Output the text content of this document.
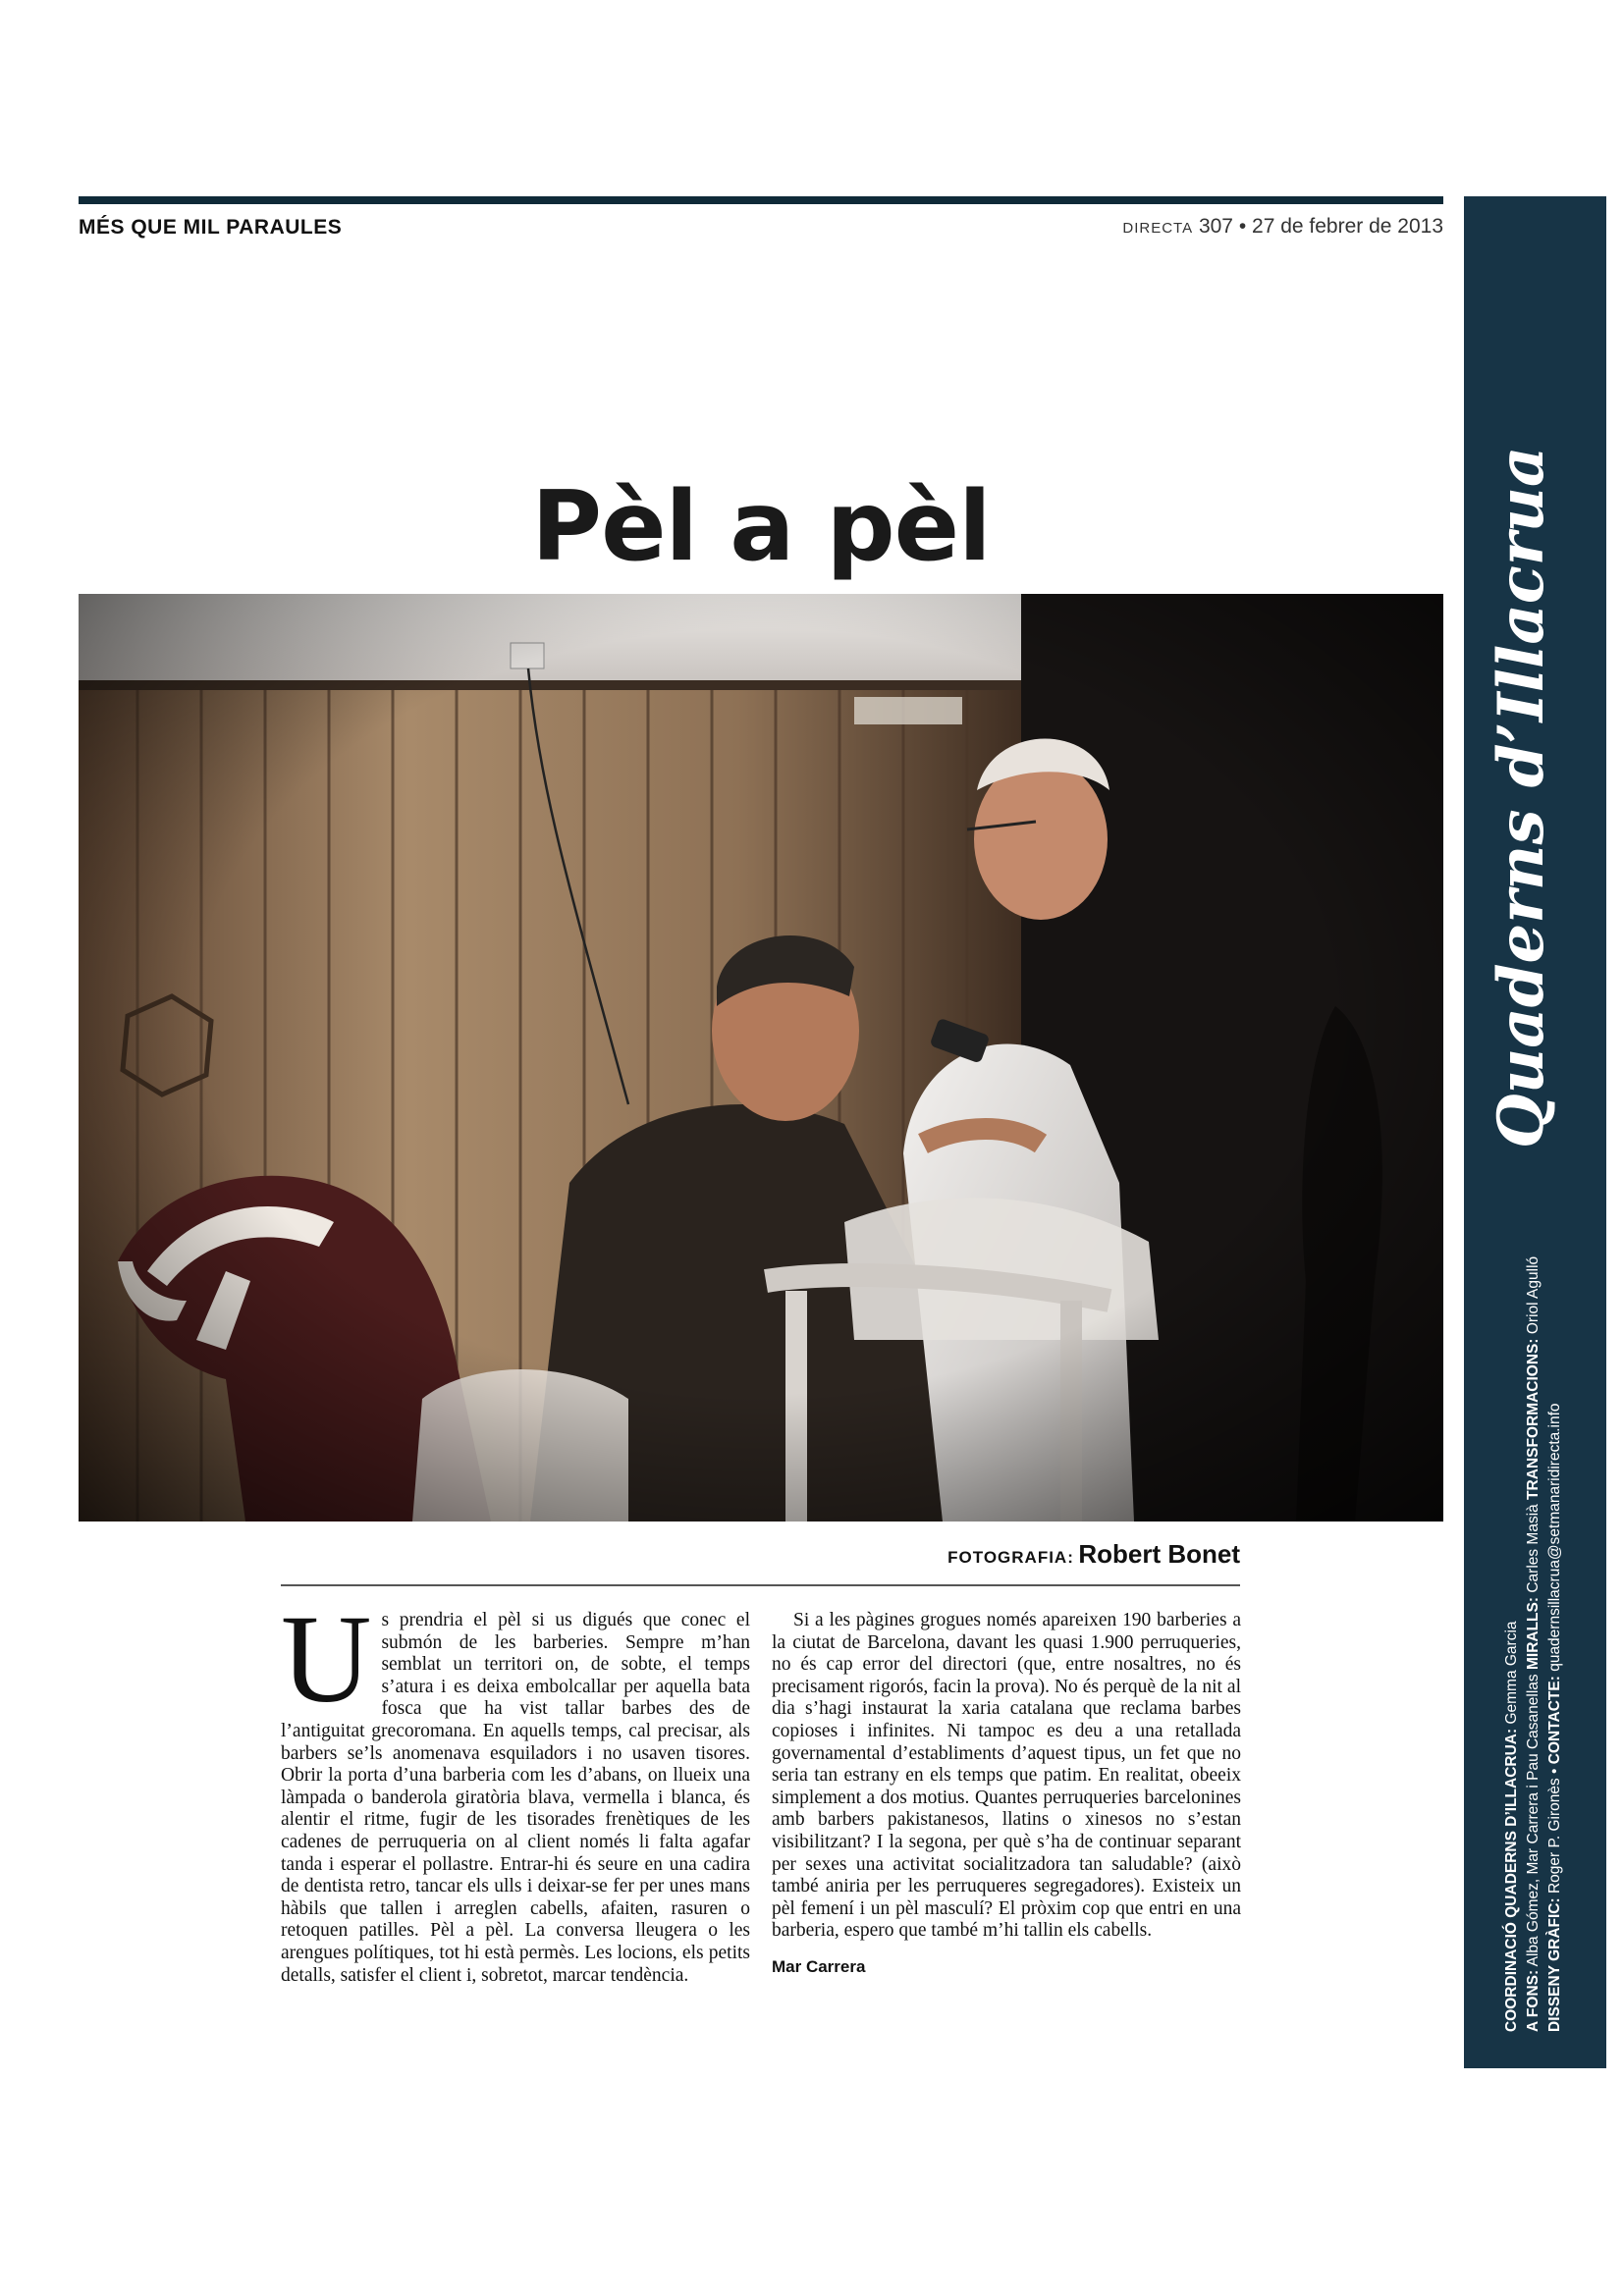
MÉS QUE MIL PARAULES	DIRECTA 307 • 27 de febrer de 2013
Pèl a pèl
FOTOGRAFIA: Robert Bonet
U s prendria el pèl si us digués que conec el submón de les barberies. Sempre m’han semblat un territori on, de sobte, el temps s’atura i es deixa embolcallar per aquella bata fosca que ha vist tallar barbes des de l’antiguitat grecoromana. En aquells temps, cal precisar, als barbers se’ls anomenava esquiladors i no usaven tisores. Obrir la porta d’una barberia com les d’abans, on llueix una làmpada o banderola giratòria blava, vermella i blanca, és alentir el ritme, fugir de les tisorades frenètiques de les cadenes de perruqueria on al client només li falta agafar tanda i esperar el pollastre. Entrar-hi és seure en una cadira de dentista retro, tancar els ulls i deixar-se fer per unes mans hàbils que tallen i arreglen cabells, afaiten, rasuren o retoquen patilles. Pèl a pèl. La conversa lleugera o les arengues polítiques, tot hi està permès. Les locions, els petits detalls, satisfer el client i, sobretot, marcar tendència.

Si a les pàgines grogues només apareixen 190 barberies a la ciutat de Barcelona, davant les quasi 1.900 perruqueries, no és cap error del directori (que, entre nosaltres, no és precisament rigorós, facin la prova). No és perquè de la nit al dia s’hagi instaurat la xaria catalana que reclama barbes copioses i infinites. Ni tampoc es deu a una retallada governamental d’establiments d’aquest tipus, un fet que no seria tan estrany en els temps que patim. En realitat, obeeix simplement a dos motius. Quantes perruqueries barcelonines amb barbers pakistanesos, llatins o xinesos no s’estan visibilitzant? I la segona, per què s’ha de continuar separant per sexes una activitat socialitzadora tan saludable? (això també aniria per les perruqueres segregadores). Existeix un pèl femení i un pèl masculí? El pròxim cop que entri en una barberia, espero que també m’hi tallin els cabells.

Mar Carrera
Quaderns d’Illacrua
COORDINACIÓ QUADERNS D’ILLACRUA: Gemma Garcia
A FONS: Alba Gómez, Mar Carrera i Pau Casanellas MIRALLS: Carles Masià TRANSFORMACIONS: Oriol Agulló
DISSENY GRÀFIC: Roger P. Gironès • CONTACTE: quadernsillacrua@setmanaridirecta.info
